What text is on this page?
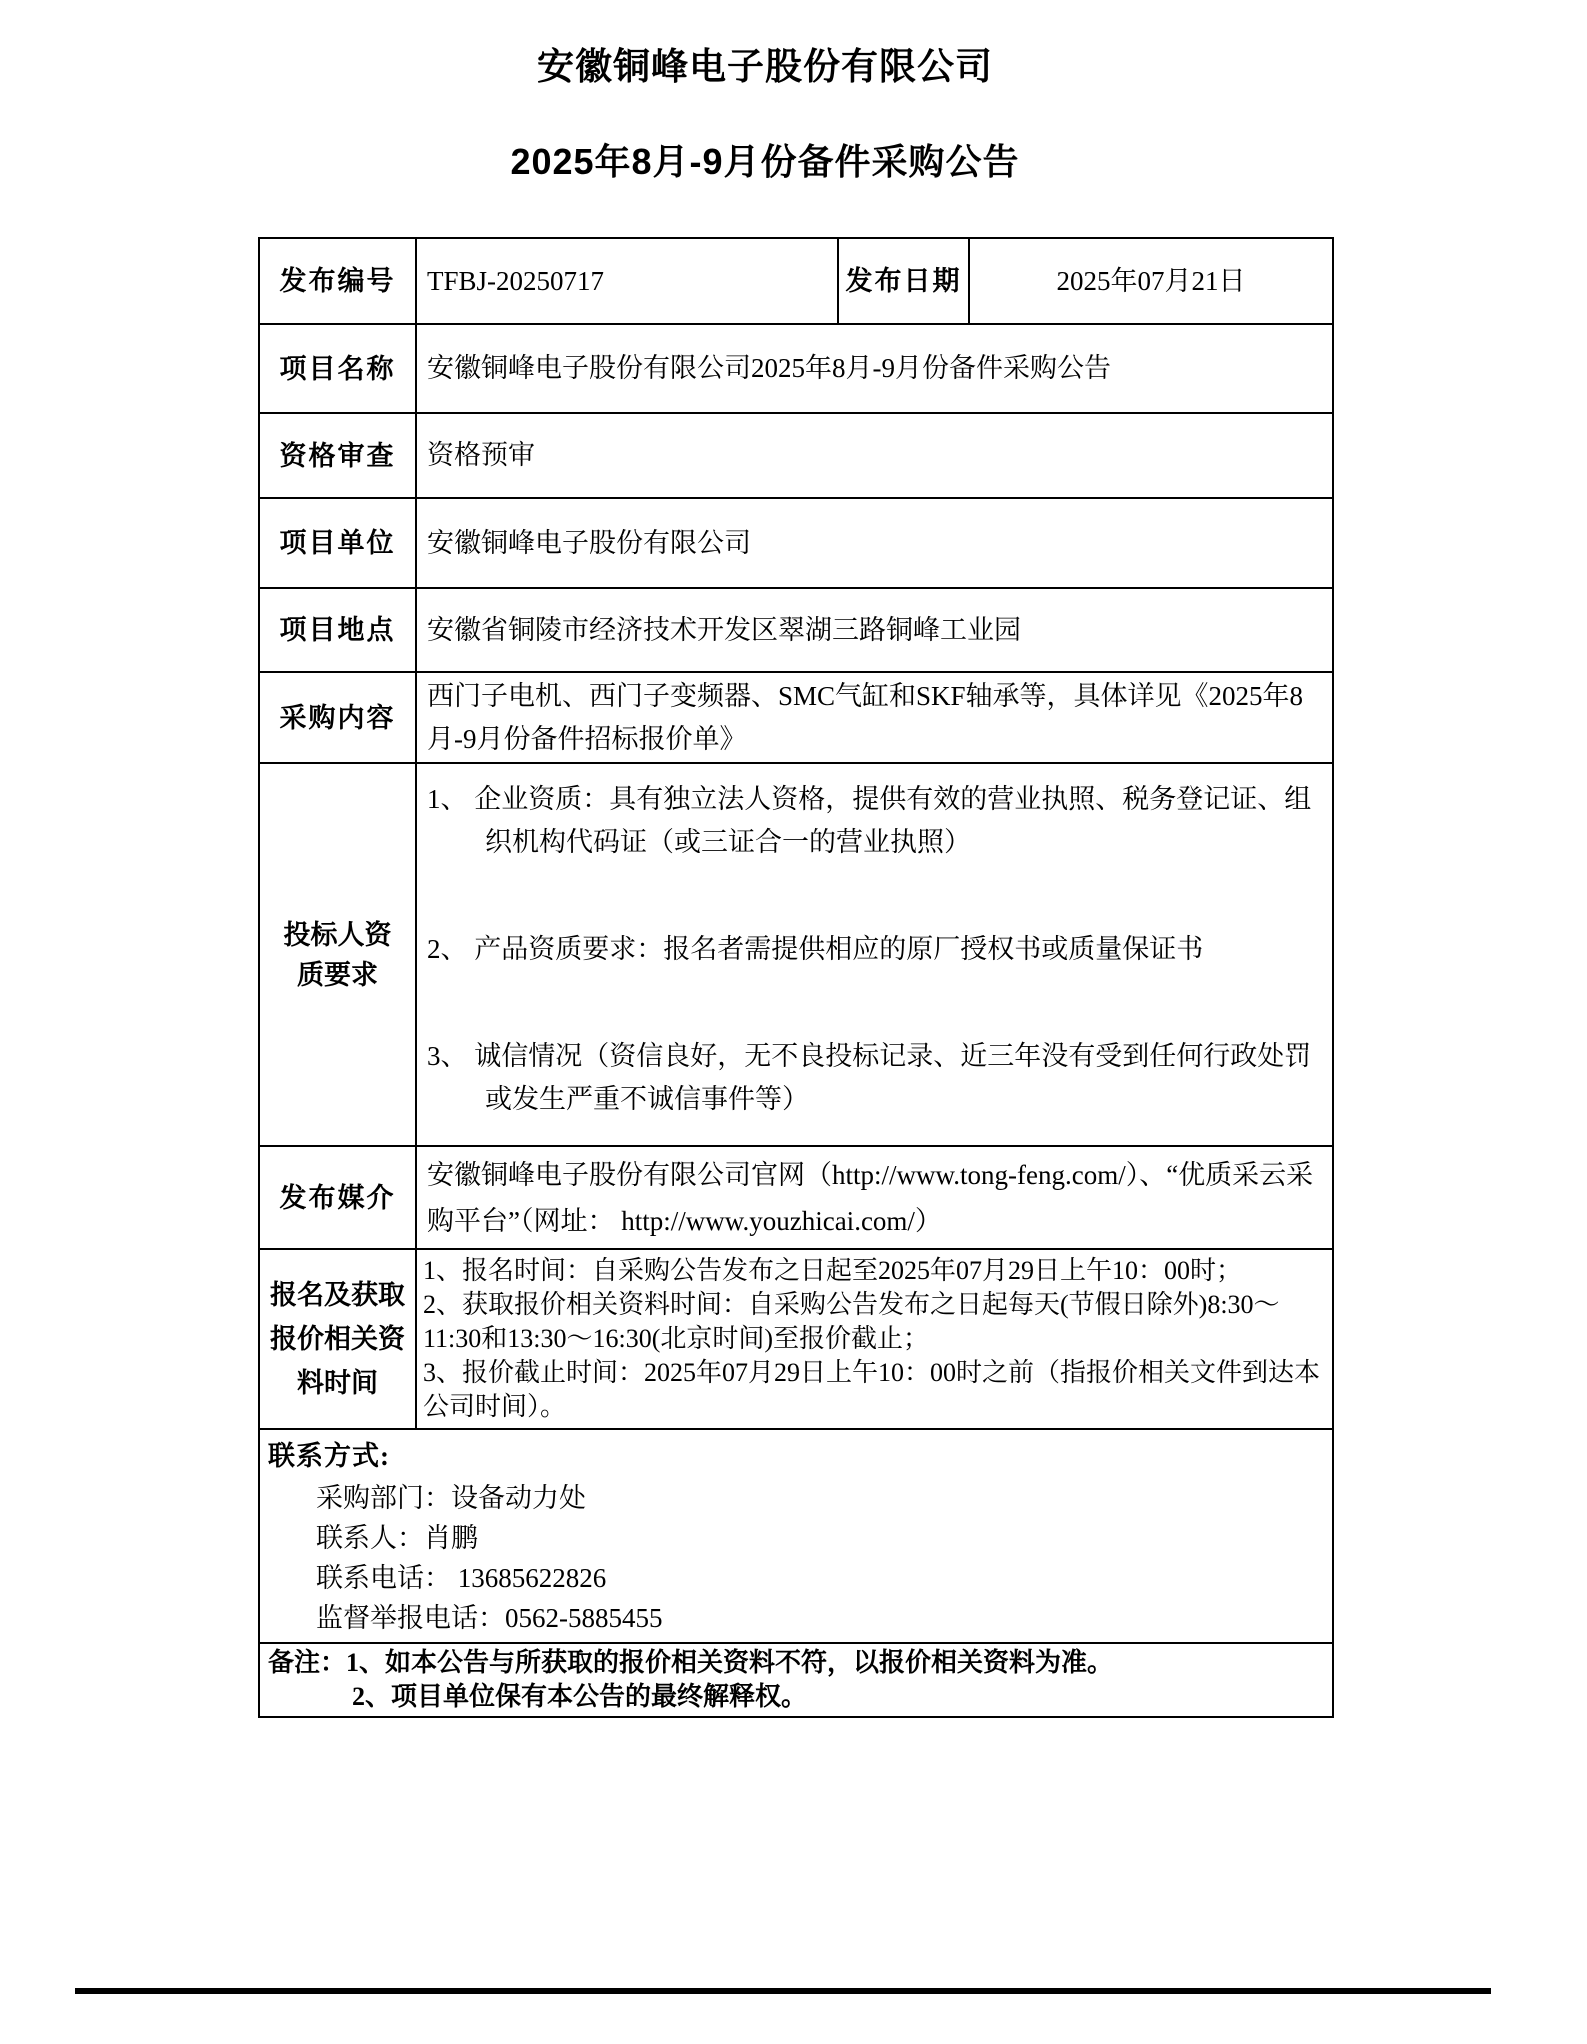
安徽铜峰电子股份有限公司
2025年8月-9月份备件采购公告
发布编号	TFBJ-20250717	发布日期	2025年07月21日
项目名称	安徽铜峰电子股份有限公司2025年8月-9月份备件采购公告		
资格审查	资格预审		
项目单位	安徽铜峰电子股份有限公司		
项目地点	安徽省铜陵市经济技术开发区翠湖三路铜峰工业园		
采购内容	西门子电机、西门子变频器、SMC气缸和SKF轴承等，具体详见《2025年8月-9月份备件招标报价单》		
投标人资质要求	1、 企业资质：具有独立法人资格，提供有效的营业执照、税务登记证、组织机构代码证（或三证合一的营业执照）

2、 产品资质要求：报名者需提供相应的原厂授权书或质量保证书

3、 诚信情况（资信良好，无不良投标记录、近三年没有受到任何行政处罚或发生严重不诚信事件等）		

发布媒介	安徽铜峰电子股份有限公司官网（http://www.tong-feng.com/）、“优质采云采购平台”（网址： http://www.youzhicai.com/）		
报名及获取报价相关资料时间	1、报名时间：自采购公告发布之日起至2025年07月29日上午10：00时；

2、获取报价相关资料时间：自采购公告发布之日起每天(节假日除外)8:30～11:30和13:30～16:30(北京时间)至报价截止；

3、报价截止时间：2025年07月29日上午10：00时之前（指报价相关文件到达本公司时间）。		

联系方式:

采购部门：设备动力处

联系人：肖鹏

联系电话： 13685622826

监督举报电话：0562-5885455			

备注：1、如本公告与所获取的报价相关资料不符，以报价相关资料为准。

2、项目单位保有本公告的最终解释权。			
